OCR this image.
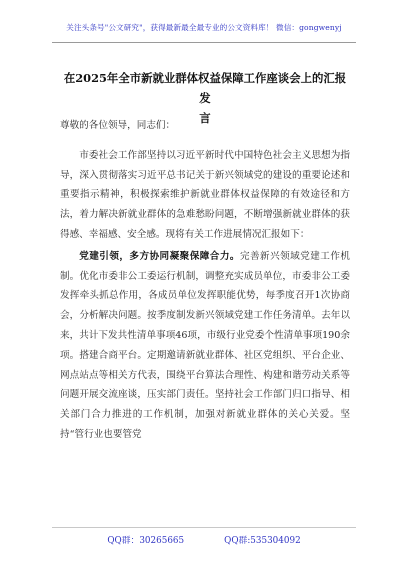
关注头条号"公文研究"，获得最新最全最专业的公文资料库！ 微信：gongwenyj
在2025年全市新就业群体权益保障工作座谈会上的汇报发
言

尊敬的各位领导，同志们：

市委社会工作部坚持以习近平新时代中国特色社会主义思想为指导，深入贯彻落实习近平总书记关于新兴领域党的建设的重要论述和重要指示精神，积极探索维护新就业群体权益保障的有效途径和方法，着力解决新就业群体的急难愁盼问题，不断增强新就业群体的获得感、幸福感、安全感。现将有关工作进展情况汇报如下：

党建引领，多方协同凝聚保障合力。完善新兴领域党建工作机制。优化市委非公工委运行机制，调整充实成员单位，市委非公工委发挥牵头抓总作用，各成员单位发挥职能优势，每季度召开1次协商会，分析解决问题。按季度制发新兴领域党建工作任务清单。去年以来，共计下发共性清单事项46项，市级行业党委个性清单事项190余项。搭建合商平台。定期邀请新就业群体、社区党组织、平台企业、网点站点等相关方代表，围绕平台算法合理性、构建和谐劳动关系等问题开展交流座谈，压实部门责任。坚持社会工作部门归口指导、相关部门合力推进的工作机制，加强对新就业群体的关心关爱。坚持“管行业也要管党

QQ群：30265665	QQ群:535304092
